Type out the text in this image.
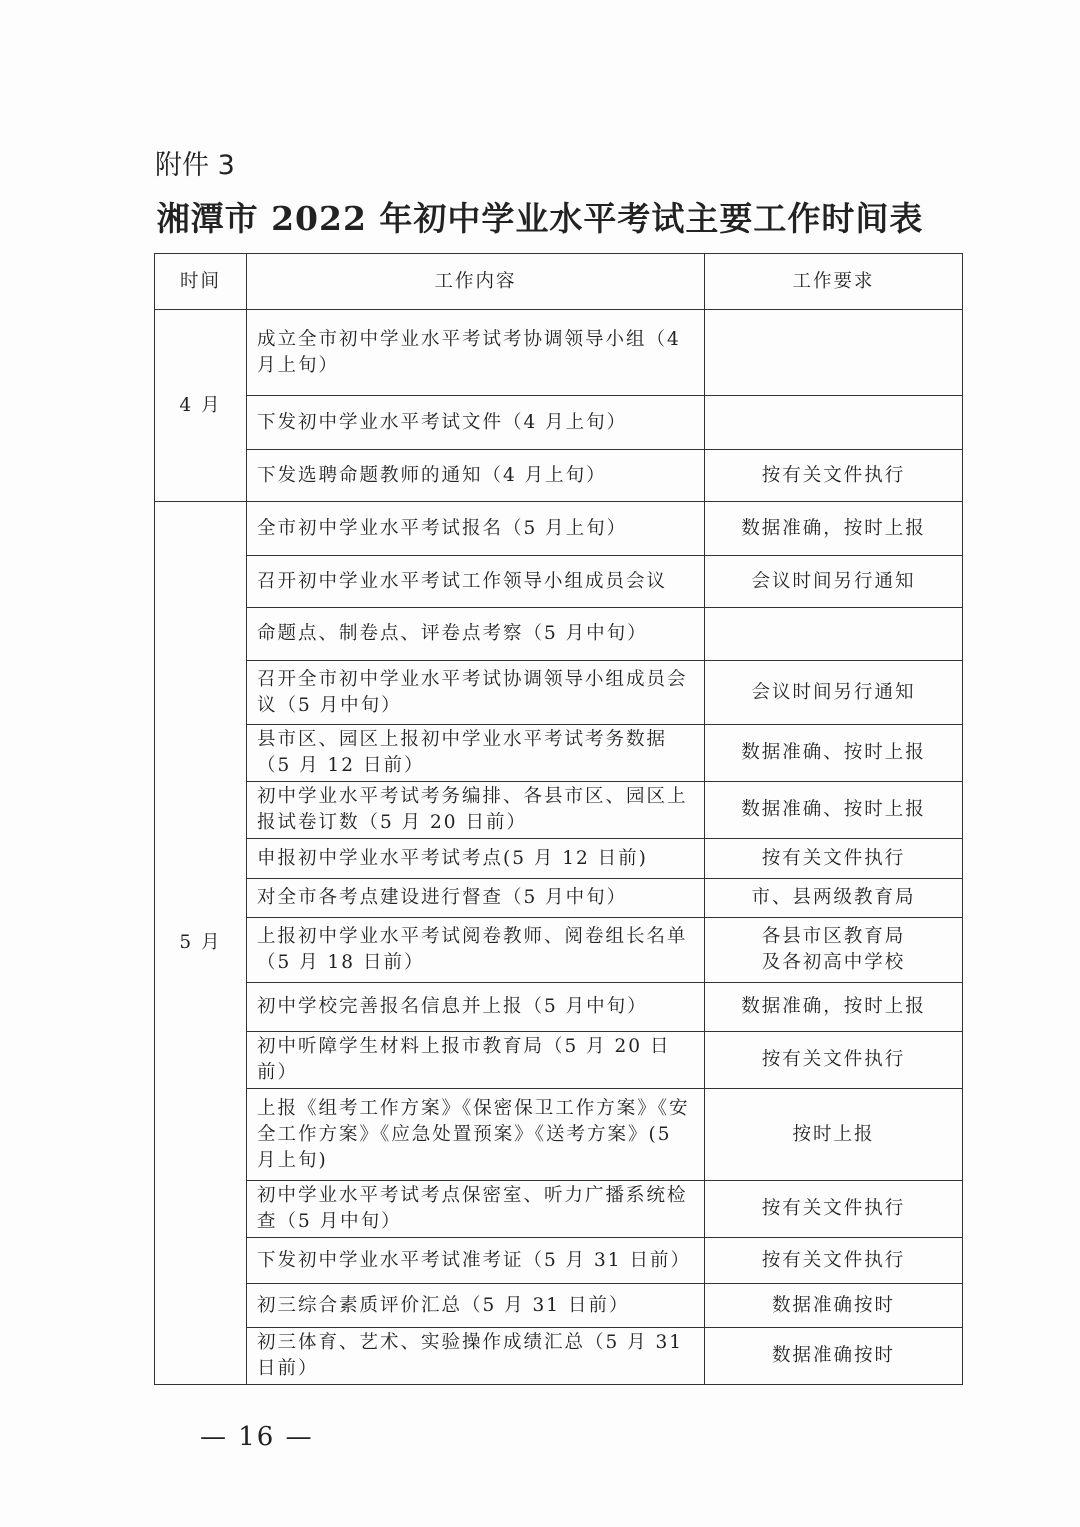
附件 3
湘潭市 2022 年初中学业水平考试主要工作时间表
时间	工作内容	工作要求
4 月	成立全市初中学业水平考试考协调领导小组（4 月上旬）	
	下发初中学业水平考试文件（4 月上旬）	
	下发选聘命题教师的通知（4 月上旬）	按有关文件执行
5 月	全市初中学业水平考试报名（5 月上旬）	数据准确，按时上报
	召开初中学业水平考试工作领导小组成员会议	会议时间另行通知
	命题点、制卷点、评卷点考察（5 月中旬）	
	召开全市初中学业水平考试协调领导小组成员会议（5 月中旬）	会议时间另行通知
	县市区、园区上报初中学业水平考试考务数据（5 月 12 日前）	数据准确、按时上报
	初中学业水平考试考务编排、各县市区、园区上报试卷订数（5 月 20 日前）	数据准确、按时上报
	申报初中学业水平考试考点(5 月 12 日前)	按有关文件执行
	对全市各考点建设进行督查（5 月中旬）	市、县两级教育局
	上报初中学业水平考试阅卷教师、阅卷组长名单（5 月 18 日前）	各县市区教育局
及各初高中学校
	初中学校完善报名信息并上报（5 月中旬）	数据准确，按时上报
	初中听障学生材料上报市教育局（5 月 20 日前）	按有关文件执行
	上报《组考工作方案》《保密保卫工作方案》《安全工作方案》《应急处置预案》《送考方案》(5 月上旬)	按时上报
	初中学业水平考试考点保密室、听力广播系统检查（5 月中旬）	按有关文件执行
	下发初中学业水平考试准考证（5 月 31 日前）	按有关文件执行
	初三综合素质评价汇总（5 月 31 日前）	数据准确按时
	初三体育、艺术、实验操作成绩汇总（5 月 31 日前）	数据准确按时
— 16 —
